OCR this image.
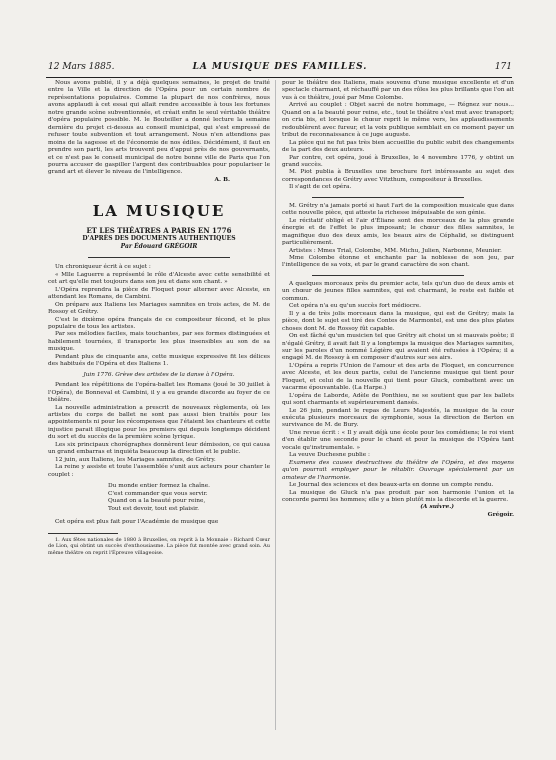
12 Mars 1885.	LA MUSIQUE DES FAMILLES.	171

Nous avons publié, il y a déjà quelques semaines, le projet de traité entre la Ville et la direction de l'Opéra pour un certain nombre de représentations populaires. Comme la plupart de nos confrères, nous avons applaudi à cet essai qui allait rendre accessible à tous les fortunes notre grande scène subventionnée, et créait enfin le seul véritable théâtre d'opéra populaire possible. M. le Bouteiller a donné lecture la semaine dernière du projet ci-dessus au conseil municipal, qui s'est empressé de refuser toute subvention et tout arrangement. Nous n'en attendions pas moins de la sagesse et de l'économie de nos édiles. Décidément, il faut en prendre son parti, les arts trouvent peu d'appui près de nos gouvernants, et ce n'est pas le conseil municipal de notre bonne ville de Paris que l'on pourra accuser de gaspiller l'argent des contribuables pour populariser le grand art et élever le niveau de l'intelligence.

A. B.
LA MUSIQUE
ET LES THÉATRES A PARIS EN 1776
D'APRÈS DES DOCUMENTS AUTHENTIQUES
Par Édouard GRÉGOIR

Un chroniqueur écrit à ce sujet :

« Mlle Laguerre a représenté le rôle d'Alceste avec cette sensibilité et cet art qu'elle met toujours dans son jeu et dans son chant. »

L'Opéra reprendra la pièce de Floquet pour alterner avec Alceste, en attendant les Romans, de Cambini.

On prépare aux Italiens les Mariages samnites en trois actes, de M. de Rossoy et Grétry.

C'est le dixième opéra français de ce compositeur fécond, et le plus populaire de tous les artistes.

Par ses mélodies faciles, mais touchantes, par ses formes distinguées et habilement tournées, il transporte les plus insensibles au son de sa musique.

Pendant plus de cinquante ans, cette musique expressive fit les délices des habitués de l'Opéra et des Italiens 1.

Juin 1776. Grève des artistes de la danse à l'Opéra.

Pendant les répétitions de l'opéra-ballet les Romans (joué le 30 juillet à l'Opéra), de Bonneval et Cambini, il y a eu grande discorde au foyer de ce théâtre.

La nouvelle administration a prescrit de nouveaux règlements, où les artistes du corps de ballet ne sont pas aussi bien traités pour les appointements ni pour les récompenses que l'étaient les chanteurs et cette injustice parait illogique pour les premiers qui depuis longtemps décident du sort et du succès de la première scène lyrique.

Les six principaux chorégraphes donnèrent leur démission, ce qui causa un grand embarras et inquiéta beaucoup la direction et le public.

12 juin, aux Italiens, les Mariages samnites, de Grétry.

La reine y assiste et toute l'assemblée s'unit aux acteurs pour chanter le couplet :

Du monde entier formez la chaîne.
C'est commander que vous servir.
Quand on a la beauté pour reine,
Tout est devoir, tout est plaisir.

Cet opéra est plus fait pour l'Académie de musique que

1. Aux fêtes nationales de 1880 à Bruxelles, on reprit à la Monnaie : Richard Cœur de Lion, qui obtint un succès d'enthousiasme. La pièce fut montée avec grand soin. Au même théâtre on reprit l'Épreuve villageoise.

pour le théâtre des Italiens, mais souvenu d'une musique excellente et d'un spectacle charmant, et réchauffé par un des rôles les plus brillants que l'on ait vus à ce théâtre, joué par Mme Colombe.

Arrivé au couplet : Objet sacré de notre hommage, — Régnez sur nous... Quand on a la beauté pour reine, etc., tout le théâtre s'est mut avec transport; on cria bis, et lorsque le chœur reprit le même vers, les applaudissements redoublèrent avec fureur, et la voix publique semblait en ce moment payer un tribut de reconnaissance à ce juge auguste.

La pièce qui ne fut pas très bien accueillie du public subit des changements de la part des deux auteurs.

Par contre, cet opéra, joué à Bruxelles, le 4 novembre 1776, y obtint un grand succès.

M. Piot publia à Bruxelles une brochure fort intéressante au sujet des correspondances de Grétry avec Vitzthum, compositeur à Bruxelles.

Il s'agit de cet opéra.

M. Grétry n'a jamais porté si haut l'art de la composition musicale que dans cette nouvelle pièce, qui atteste la richesse inépuisable de son génie.

Le récitatif obligé et l'air d'Éliane sont des morceaux de la plus grande énergie et de l'effet le plus imposant; le chœur des filles samnites, le magnifique duo des deux amis, les beaux airs de Céphalid, se distinguent particulièrement.

Artistes : Mmes Trial, Colombe, MM. Michu, Julien, Narbonne, Meunier.

Mme Colombe étonne et enchante par la noblesse de son jeu, par l'intelligence de sa voix, et par le grand caractère de son chant.

A quelques morceaux près du premier acte, tels qu'un duo de deux amis et un chœur de jeunes filles samnites, qui est charmant, le reste est faible et commun.

Cet opéra n'a eu qu'un succès fort médiocre.

Il y a de très jolis morceaux dans la musique, qui est de Grétry; mais la pièce, dont le sujet est tiré des Contes de Marmontel, est une des plus plates choses dont M. de Rossoy fût capable.

On est fâché qu'un musicien tel que Grétry ait choisi un si mauvais poète; il n'égalé Grétry, il avait fait Il y a longtemps la musique des Mariages samnites, sur les paroles d'un nommé Légière qui avaient été refusées à l'Opéra; il a engagé M. de Rossoy à en composer d'autres sur ses airs.

L'Opéra a repris l'Union de l'amour et des arts de Floquet, en concurrence avec Alceste, et les deux partis, celui de l'ancienne musique qui tient pour Floquet, et celui de la nouvelle qui tient pour Gluck, combattent avec un vacarme épouvantable. (La Harpe.)

L'opéra de Laborde, Adèle de Ponthieu, ne se soutient que par les ballets qui sont charmants et supérieurement dansés.

Le 26 juin, pendant le repas de Leurs Majestés, la musique de la cour exécuta plusieurs morceaux de symphonie, sous la direction de Berton en survivance de M. de Bury.

Une revue écrit : « Il y avait déjà une école pour les comédiens; le roi vient d'en établir une seconde pour le chant et pour la musique de l'Opéra tant vocale qu'instrumentale. »

La veuve Duchesne publie :

Examens des causes destructives du théâtre de l'Opéra, et des moyens qu'on pourrait employer pour le rétablir. Ouvrage spécialement par un amateur de l'harmonie.

Le Journal des sciences et des beaux-arts en donne un compte rendu.

La musique de Gluck n'a pas produit par son harmonie l'union et la concorde parmi les hommes; elle y a bien plutôt mis la discorde et la guerre.

(A suivre.)
Grégoir.
